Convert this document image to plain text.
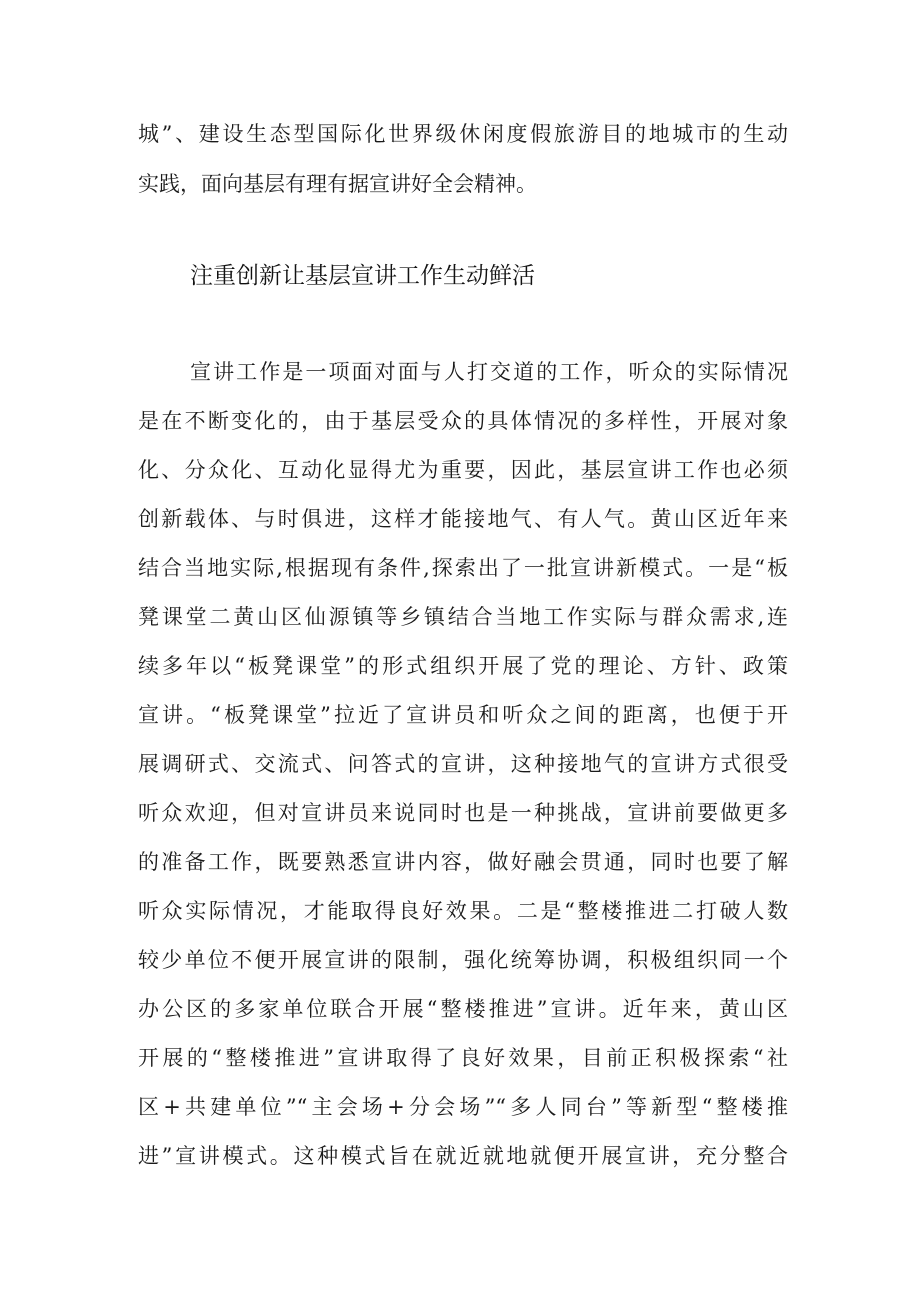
城”、建设生态型国际化世界级休闲度假旅游目的地城市的生动
实践，面向基层有理有据宣讲好全会精神。
注重创新让基层宣讲工作生动鲜活
宣讲工作是一项面对面与人打交道的工作，听众的实际情况
是在不断变化的，由于基层受众的具体情况的多样性，开展对象
化、分众化、互动化显得尤为重要，因此，基层宣讲工作也必须
创新载体、与时俱进，这样才能接地气、有人气。黄山区近年来
结合当地实际,根据现有条件,探索出了一批宣讲新模式。一是“板
凳课堂二黄山区仙源镇等乡镇结合当地工作实际与群众需求,连
续多年以“板凳课堂”的形式组织开展了党的理论、方针、政策
宣讲。“板凳课堂”拉近了宣讲员和听众之间的距离，也便于开
展调研式、交流式、问答式的宣讲，这种接地气的宣讲方式很受
听众欢迎，但对宣讲员来说同时也是一种挑战，宣讲前要做更多
的准备工作，既要熟悉宣讲内容，做好融会贯通，同时也要了解
听众实际情况，才能取得良好效果。二是“整楼推进二打破人数
较少单位不便开展宣讲的限制，强化统筹协调，积极组织同一个
办公区的多家单位联合开展“整楼推进”宣讲。近年来，黄山区
开展的“整楼推进”宣讲取得了良好效果，目前正积极探索“社
区+共建单位”“主会场+分会场”“多人同台”等新型“整楼推
进”宣讲模式。这种模式旨在就近就地就便开展宣讲，充分整合
